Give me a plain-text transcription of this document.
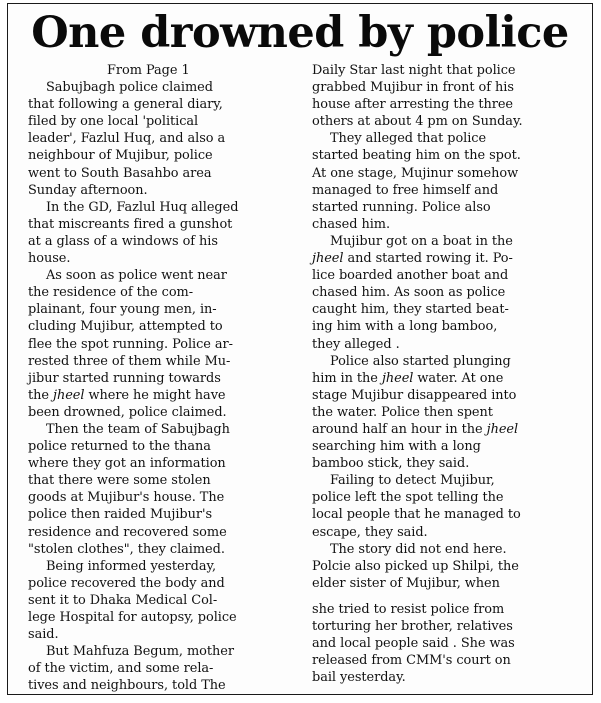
One drowned by police
From Page 1
Sabujbagh police claimed
that following a general diary,
filed by one local 'political
leader', Fazlul Huq, and also a
neighbour of Mujibur, police
went to South Basahbo area
Sunday afternoon.
In the GD, Fazlul Huq alleged
that miscreants fired a gunshot
at a glass of a windows of his
house.
As soon as police went near
the residence of the com-
plainant, four young men, in-
cluding Mujibur, attempted to
flee the spot running. Police ar-
rested three of them while Mu-
jibur started running towards
the jheel where he might have
been drowned, police claimed.
Then the team of Sabujbagh
police returned to the thana
where they got an information
that there were some stolen
goods at Mujibur's house. The
police then raided Mujibur's
residence and recovered some
"stolen clothes", they claimed.
Being informed yesterday,
police recovered the body and
sent it to Dhaka Medical Col-
lege Hospital for autopsy, police
said.
But Mahfuza Begum, mother
of the victim, and some rela-
tives and neighbours, told The
Daily Star last night that police
grabbed Mujibur in front of his
house after arresting the three
others at about 4 pm on Sunday.
They alleged that police
started beating him on the spot.
At one stage, Mujinur somehow
managed to free himself and
started running. Police also
chased him.
Mujibur got on a boat in the
jheel and started rowing it. Po-
lice boarded another boat and
chased him. As soon as police
caught him, they started beat-
ing him with a long bamboo,
they alleged .
Police also started plunging
him in the jheel water. At one
stage Mujibur disappeared into
the water. Police then spent
around half an hour in the jheel
searching him with a long
bamboo stick, they said.
Failing to detect Mujibur,
police left the spot telling the
local people that he managed to
escape, they said.
The story did not end here.
Polcie also picked up Shilpi, the
elder sister of Mujibur, when
she tried to resist police from
torturing her brother, relatives
and local people said . She was
released from CMM's court on
bail yesterday.
